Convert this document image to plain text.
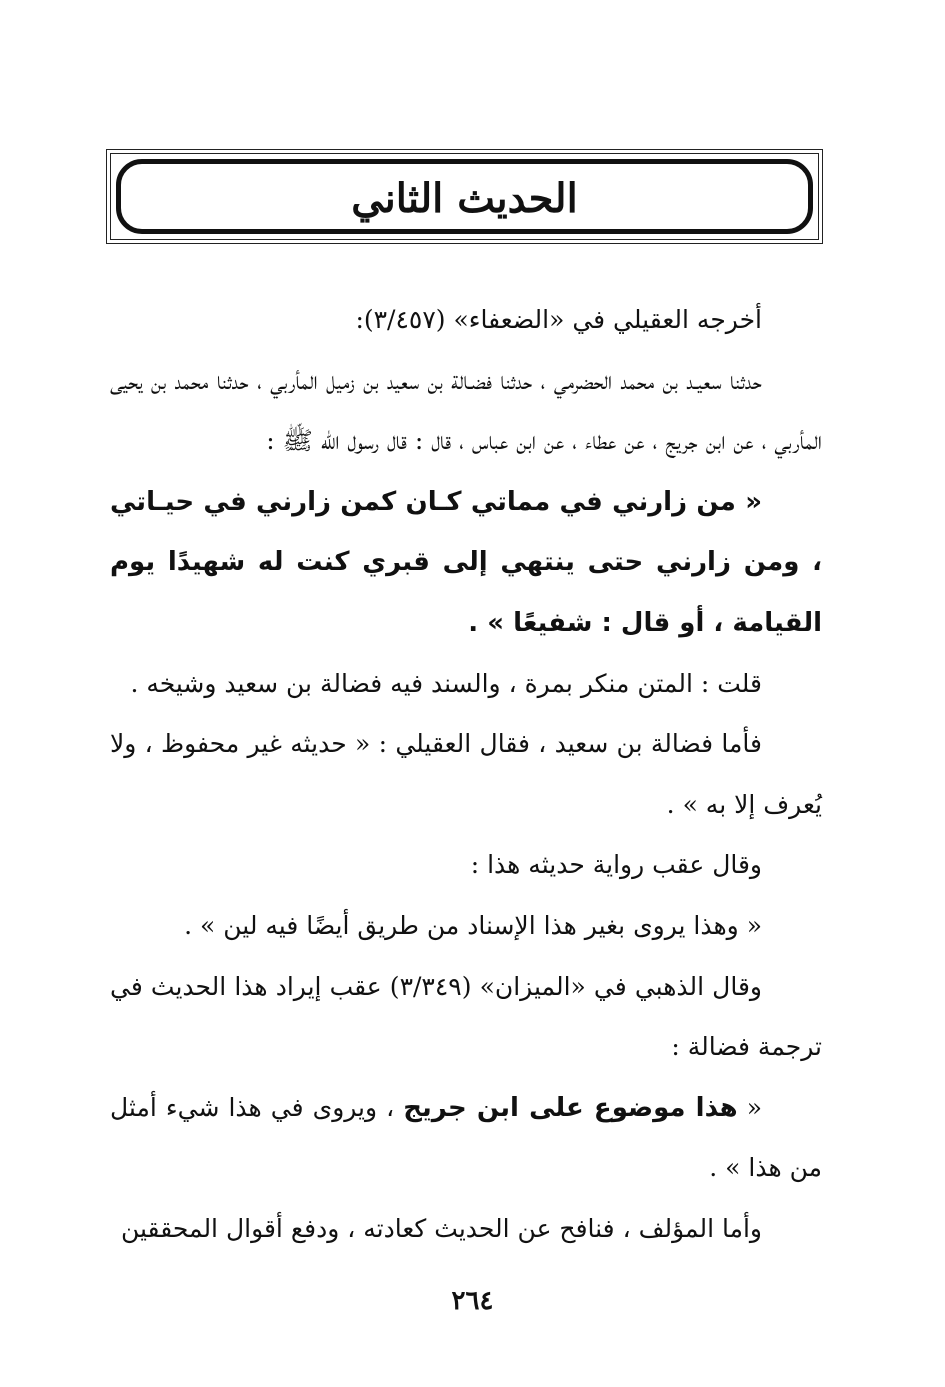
الحديث الثاني

أخرجه العقيلي في «الضعفاء» (٣/٤٥٧):

حدثنا سعيـد بن محمد الحضرمي ، حدثنا فضـالة بن سعيد بن زميل المأربي ، حدثنا محمد بن يحيى المأربي ، عن ابن جريج ، عن عطاء ، عن ابن عباس ، قال : قال رسول الله ﷺ :

« من زارني في مماتي كـان كمن زارني في حيـاتي ، ومن زارني حتى ينتهي إلى قبري كنت له شهيدًا يوم القيامة ، أو قال : شفيعًا » .

قلت : المتن منكر بمرة ، والسند فيه فضالة بن سعيد وشيخه .

فأما فضالة بن سعيد ، فقال العقيلي : « حديثه غير محفوظ ، ولا يُعرف إلا به » .

وقال عقب رواية حديثه هذا :

« وهذا يروى بغير هذا الإسناد من طريق أيضًا فيه لين » .

وقال الذهبي في «الميزان» (٣/٣٤٩) عقب إيراد هذا الحديث في ترجمة فضالة :

« هذا موضوع على ابن جريج ، ويروى في هذا شيء أمثل من هذا » .

وأما المؤلف ، فنافح عن الحديث كعادته ، ودفع أقوال المحققين

٢٦٤
